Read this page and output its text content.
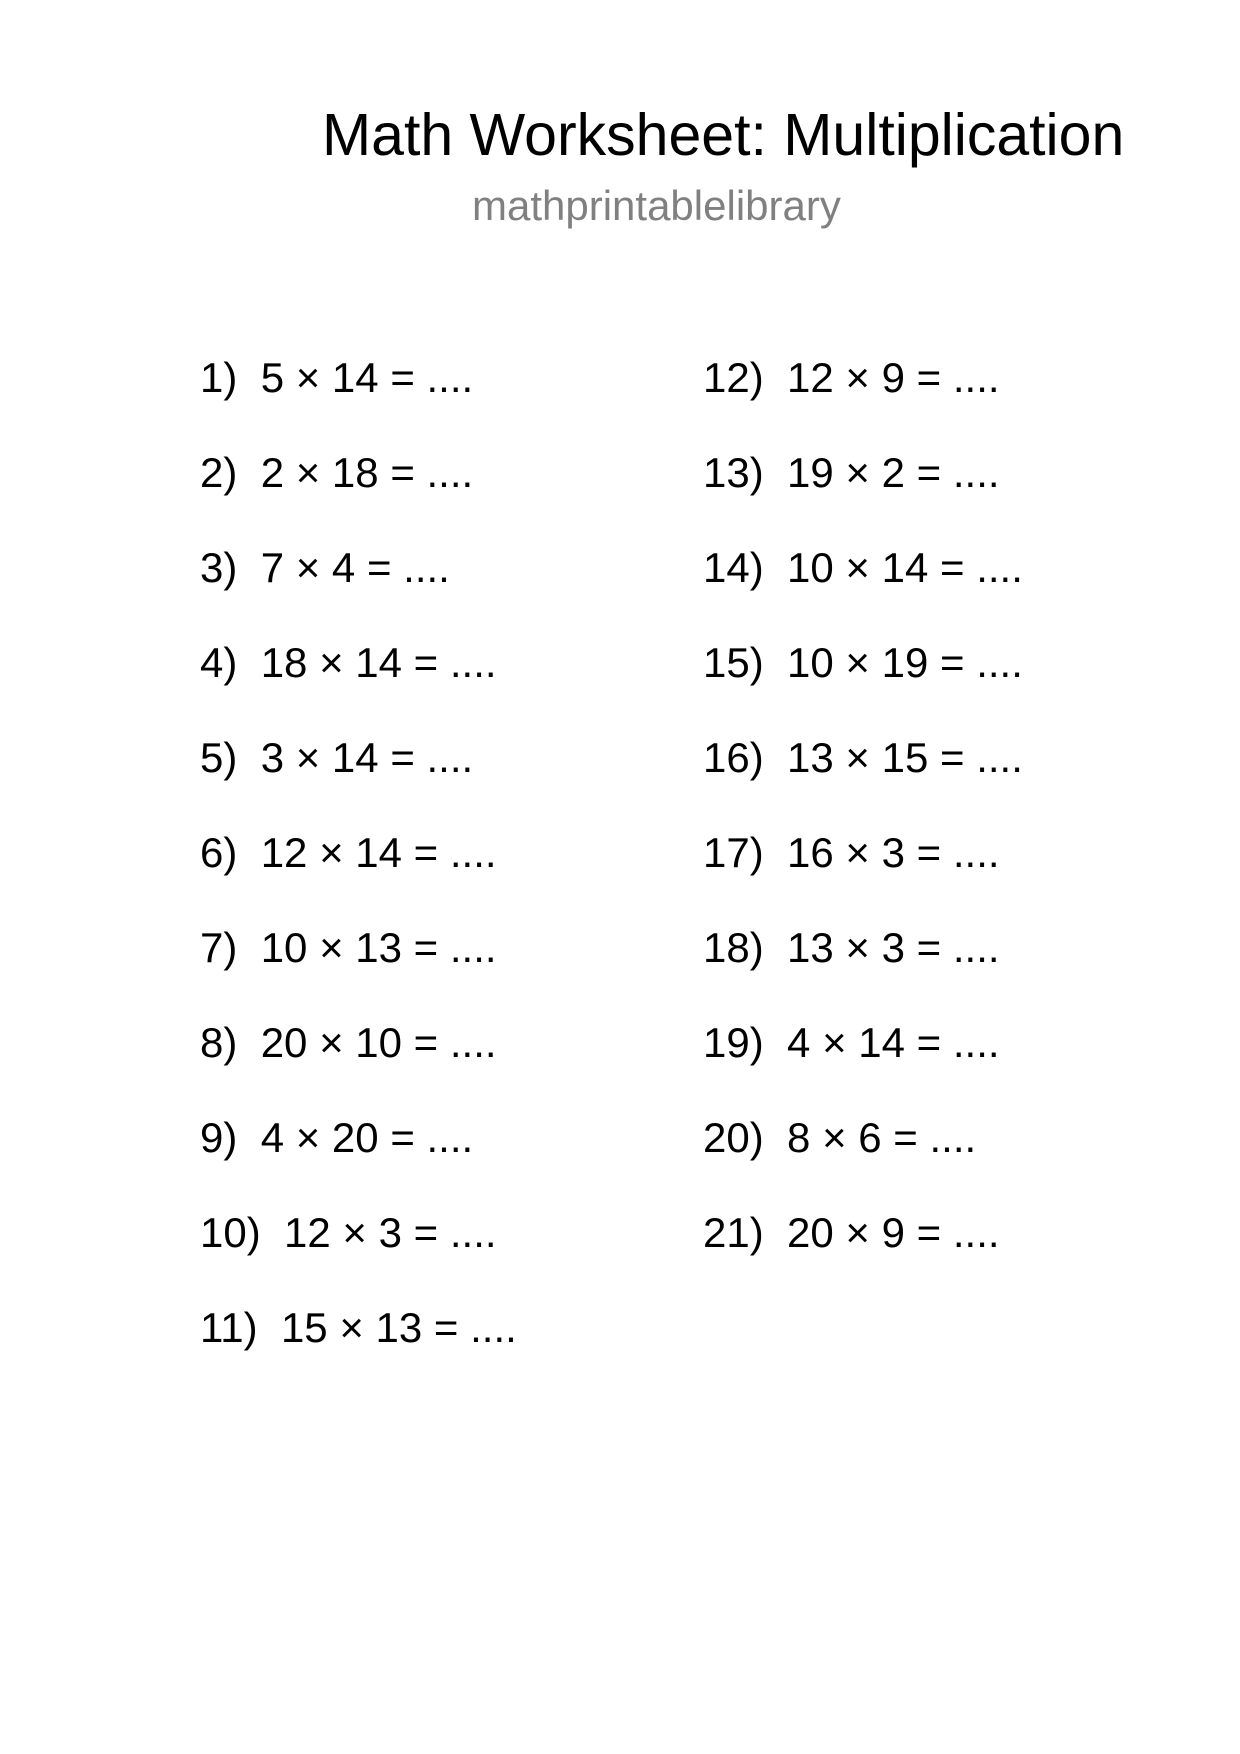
Math Worksheet: Multiplication
mathprintablelibrary
1) 5 × 14 = ....
2) 2 × 18 = ....
3) 7 × 4 = ....
4) 18 × 14 = ....
5) 3 × 14 = ....
6) 12 × 14 = ....
7) 10 × 13 = ....
8) 20 × 10 = ....
9) 4 × 20 = ....
10) 12 × 3 = ....
11) 15 × 13 = ....
12) 12 × 9 = ....
13) 19 × 2 = ....
14) 10 × 14 = ....
15) 10 × 19 = ....
16) 13 × 15 = ....
17) 16 × 3 = ....
18) 13 × 3 = ....
19) 4 × 14 = ....
20) 8 × 6 = ....
21) 20 × 9 = ....
